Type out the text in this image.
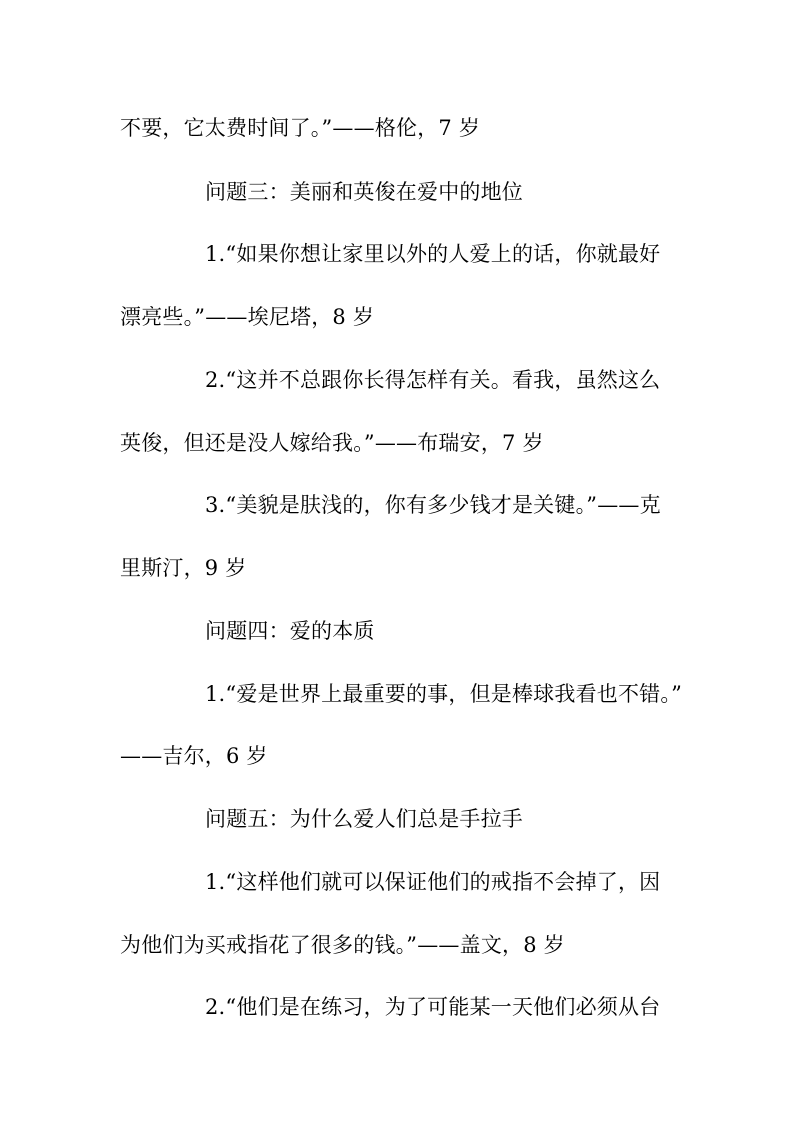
不要，它太费时间了。”——格伦，7 岁
问题三：美丽和英俊在爱中的地位
1.“如果你想让家里以外的人爱上的话，你就最好
漂亮些。”——埃尼塔，8 岁
2.“这并不总跟你长得怎样有关。看我，虽然这么
英俊，但还是没人嫁给我。”——布瑞安，7 岁
3.“美貌是肤浅的，你有多少钱才是关键。”——克
里斯汀，9 岁
问题四：爱的本质
1.“爱是世界上最重要的事，但是棒球我看也不错。”
——吉尔，6 岁
问题五：为什么爱人们总是手拉手
1.“这样他们就可以保证他们的戒指不会掉了，因
为他们为买戒指花了很多的钱。”——盖文，8 岁
2.“他们是在练习，为了可能某一天他们必须从台
